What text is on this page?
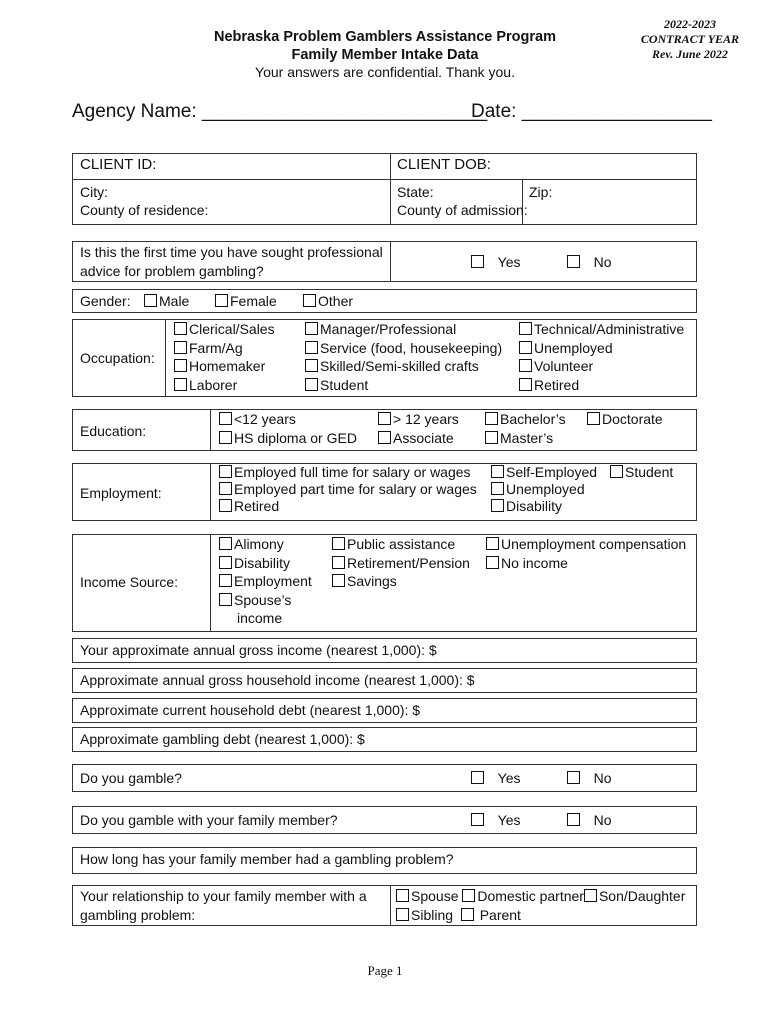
Nebraska Problem Gamblers Assistance Program
Family Member Intake Data
Your answers are confidential. Thank you.
2022-2023
CONTRACT YEAR
Rev. June 2022
Agency Name: ___________________________
Date: __________________
CLIENT ID:	CLIENT DOB:
City:	State:	Zip:
County of residence:	County of admission:
Is this the first time you have sought professional
advice for problem gambling?
Yes	No
Gender:	Male	Female	Other
Occupation:
Clerical/Sales
Farm/Ag
Homemaker
Laborer
Manager/Professional
Service (food, housekeeping)
Skilled/Semi-skilled crafts
Student
Technical/Administrative
Unemployed
Volunteer
Retired
Education:
<12 years
HS diploma or GED
> 12 years
Associate
Bachelor’s
Master’s
Doctorate
Employment:
Employed full time for salary or wages
Employed part time for salary or wages
Retired
Self-Employed
Unemployed
Disability
Student
Income Source:
Alimony
Disability
Employment
Spouse’s
income
Public assistance
Retirement/Pension
Savings
Unemployment compensation
No income
Your approximate annual gross income (nearest 1,000): $
Approximate annual gross household income (nearest 1,000): $
Approximate current household debt (nearest 1,000): $
Approximate gambling debt (nearest 1,000): $
Do you gamble?	Yes	No
Do you gamble with your family member?	Yes	No
How long has your family member had a gambling problem?
Your relationship to your family member with a
gambling problem:
Spouse Domestic partner Son/Daughter
Sibling Parent
Page 1
